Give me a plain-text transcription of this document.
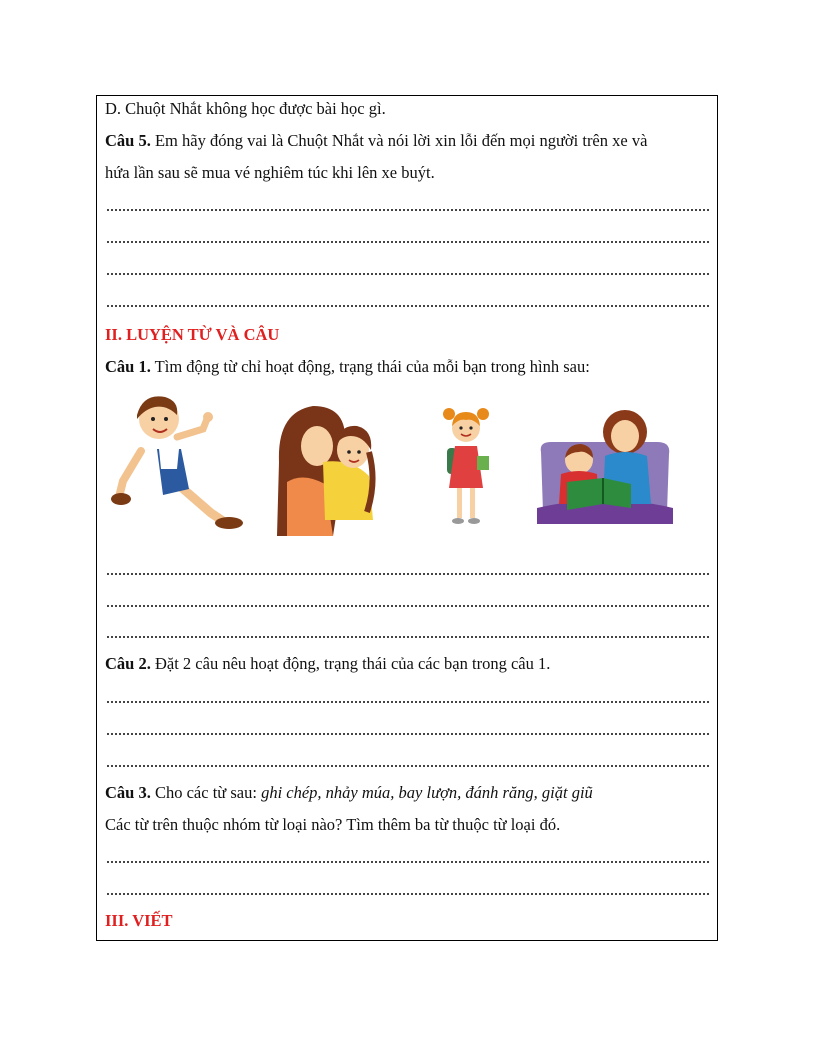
D. Chuột Nhắt không học được bài học gì.
Câu 5. Em hãy đóng vai là Chuột Nhắt và nói lời xin lỗi đến mọi người trên xe và
hứa lần sau sẽ mua vé nghiêm túc khi lên xe buýt.
II. LUYỆN TỪ VÀ CÂU
Câu 1. Tìm động từ chỉ hoạt động, trạng thái của mỗi bạn trong hình sau:
Câu 2. Đặt 2 câu nêu hoạt động, trạng thái của các bạn trong câu 1.
Câu 3. Cho các từ sau: ghi chép, nhảy múa, bay lượn, đánh răng, giặt giũ
Các từ trên thuộc nhóm từ loại nào? Tìm thêm ba từ thuộc từ loại đó.
III. VIẾT
